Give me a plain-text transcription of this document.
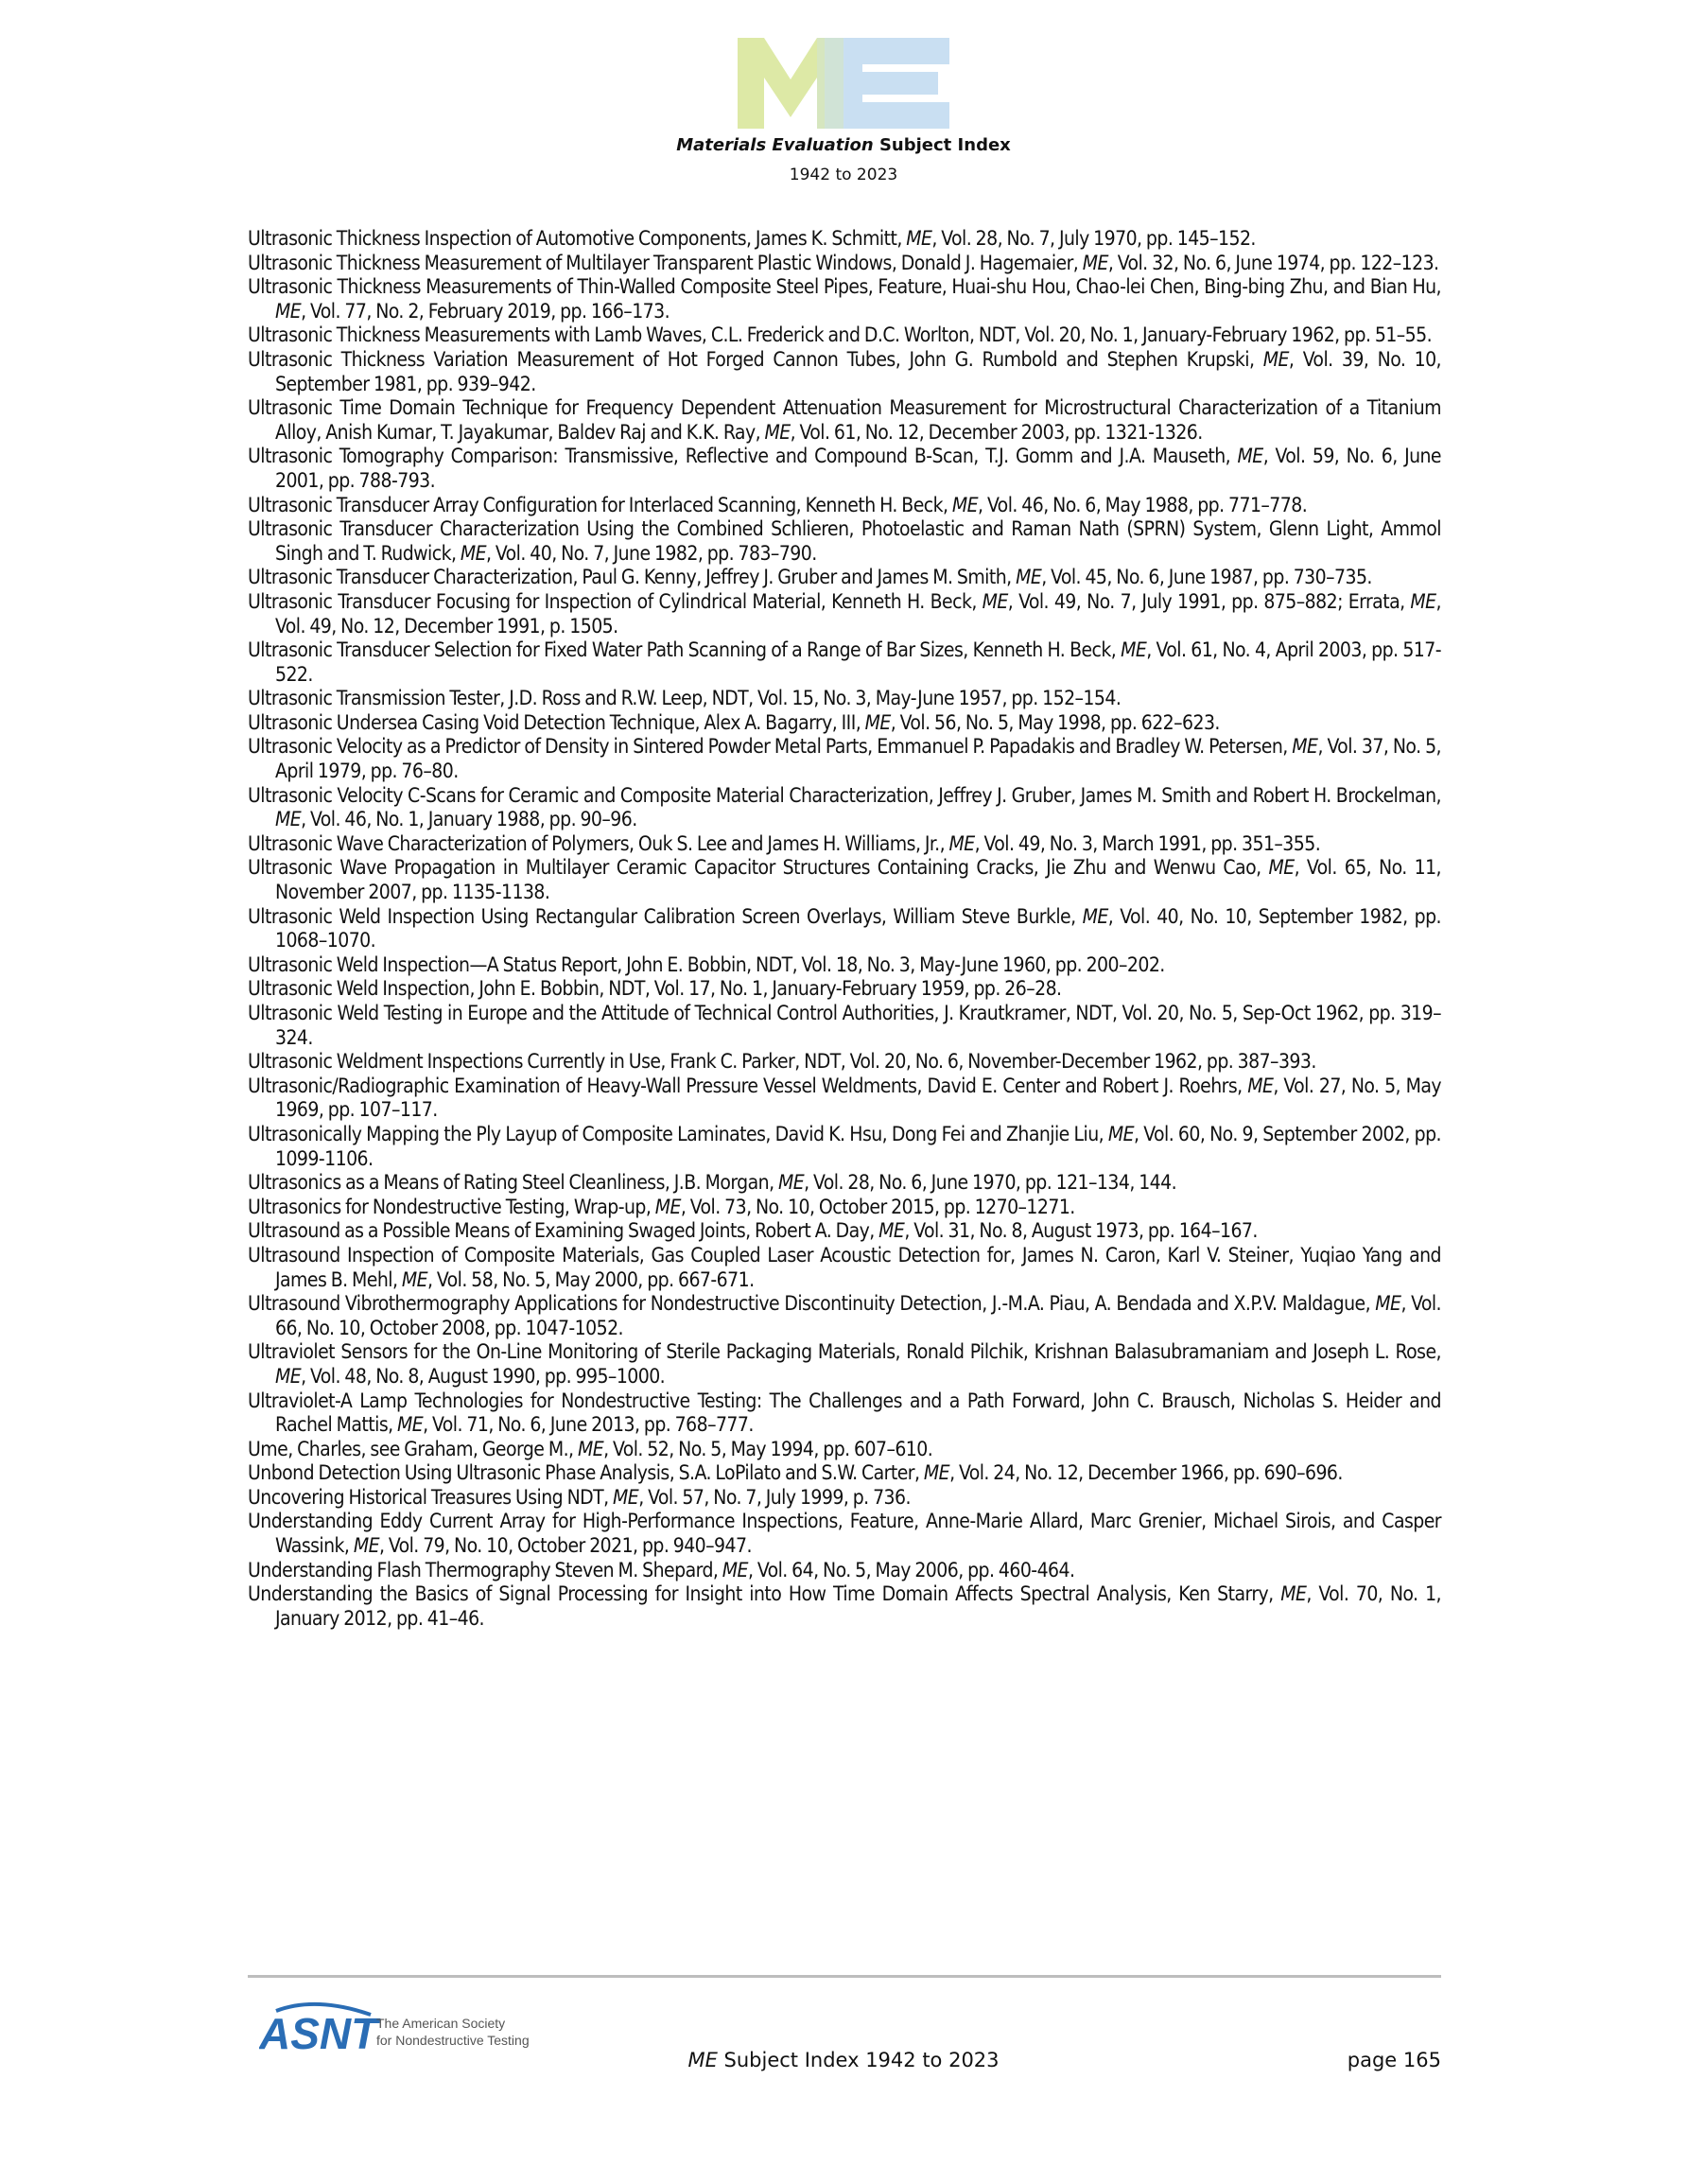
Materials Evaluation Subject Index
1942 to 2023

Ultrasonic Thickness Inspection of Automotive Components, James K. Schmitt, ME, Vol. 28, No. 7, July 1970, pp. 145–152.

Ultrasonic Thickness Measurement of Multilayer Transparent Plastic Windows, Donald J. Hagemaier, ME, Vol. 32, No. 6, June 1974, pp. 122–123.

Ultrasonic Thickness Measurements of Thin-Walled Composite Steel Pipes, Feature, Huai-shu Hou, Chao-lei Chen, Bing-bing Zhu, and Bian Hu, ME, Vol. 77, No. 2, February 2019, pp. 166–173.

Ultrasonic Thickness Measurements with Lamb Waves, C.L. Frederick and D.C. Worlton, NDT, Vol. 20, No. 1, January-February 1962, pp. 51–55.

Ultrasonic Thickness Variation Measurement of Hot Forged Cannon Tubes, John G. Rumbold and Stephen Krupski, ME, Vol. 39, No. 10, September 1981, pp. 939–942.

Ultrasonic Time Domain Technique for Frequency Dependent Attenuation Measurement for Microstructural Characterization of a Titanium Alloy, Anish Kumar, T. Jayakumar, Baldev Raj and K.K. Ray, ME, Vol. 61, No. 12, December 2003, pp. 1321-1326.

Ultrasonic Tomography Comparison: Transmissive, Reflective and Compound B-Scan, T.J. Gomm and J.A. Mauseth, ME, Vol. 59, No. 6, June 2001, pp. 788-793.

Ultrasonic Transducer Array Configuration for Interlaced Scanning, Kenneth H. Beck, ME, Vol. 46, No. 6, May 1988, pp. 771–778.

Ultrasonic Transducer Characterization Using the Combined Schlieren, Photoelastic and Raman Nath (SPRN) System, Glenn Light, Ammol Singh and T. Rudwick, ME, Vol. 40, No. 7, June 1982, pp. 783–790.

Ultrasonic Transducer Characterization, Paul G. Kenny, Jeffrey J. Gruber and James M. Smith, ME, Vol. 45, No. 6, June 1987, pp. 730–735.

Ultrasonic Transducer Focusing for Inspection of Cylindrical Material, Kenneth H. Beck, ME, Vol. 49, No. 7, July 1991, pp. 875–882; Errata, ME, Vol. 49, No. 12, December 1991, p. 1505.

Ultrasonic Transducer Selection for Fixed Water Path Scanning of a Range of Bar Sizes, Kenneth H. Beck, ME, Vol. 61, No. 4, April 2003, pp. 517-522.

Ultrasonic Transmission Tester, J.D. Ross and R.W. Leep, NDT, Vol. 15, No. 3, May-June 1957, pp. 152–154.

Ultrasonic Undersea Casing Void Detection Technique, Alex A. Bagarry, III, ME, Vol. 56, No. 5, May 1998, pp. 622–623.

Ultrasonic Velocity as a Predictor of Density in Sintered Powder Metal Parts, Emmanuel P. Papadakis and Bradley W. Petersen, ME, Vol. 37, No. 5, April 1979, pp. 76–80.

Ultrasonic Velocity C-Scans for Ceramic and Composite Material Characterization, Jeffrey J. Gruber, James M. Smith and Robert H. Brockelman, ME, Vol. 46, No. 1, January 1988, pp. 90–96.

Ultrasonic Wave Characterization of Polymers, Ouk S. Lee and James H. Williams, Jr., ME, Vol. 49, No. 3, March 1991, pp. 351–355.

Ultrasonic Wave Propagation in Multilayer Ceramic Capacitor Structures Containing Cracks, Jie Zhu and Wenwu Cao, ME, Vol. 65, No. 11, November 2007, pp. 1135-1138.

Ultrasonic Weld Inspection Using Rectangular Calibration Screen Overlays, William Steve Burkle, ME, Vol. 40, No. 10, September 1982, pp. 1068–1070.

Ultrasonic Weld Inspection—A Status Report, John E. Bobbin, NDT, Vol. 18, No. 3, May-June 1960, pp. 200–202.

Ultrasonic Weld Inspection, John E. Bobbin, NDT, Vol. 17, No. 1, January-February 1959, pp. 26–28.

Ultrasonic Weld Testing in Europe and the Attitude of Technical Control Authorities, J. Krautkramer, NDT, Vol. 20, No. 5, Sep-Oct 1962, pp. 319–324.

Ultrasonic Weldment Inspections Currently in Use, Frank C. Parker, NDT, Vol. 20, No. 6, November-December 1962, pp. 387–393.

Ultrasonic/Radiographic Examination of Heavy-Wall Pressure Vessel Weldments, David E. Center and Robert J. Roehrs, ME, Vol. 27, No. 5, May 1969, pp. 107–117.

Ultrasonically Mapping the Ply Layup of Composite Laminates, David K. Hsu, Dong Fei and Zhanjie Liu, ME, Vol. 60, No. 9, September 2002, pp. 1099-1106.

Ultrasonics as a Means of Rating Steel Cleanliness, J.B. Morgan, ME, Vol. 28, No. 6, June 1970, pp. 121–134, 144.

Ultrasonics for Nondestructive Testing, Wrap-up, ME, Vol. 73, No. 10, October 2015, pp. 1270–1271.

Ultrasound as a Possible Means of Examining Swaged Joints, Robert A. Day, ME, Vol. 31, No. 8, August 1973, pp. 164–167.

Ultrasound Inspection of Composite Materials, Gas Coupled Laser Acoustic Detection for, James N. Caron, Karl V. Steiner, Yuqiao Yang and James B. Mehl, ME, Vol. 58, No. 5, May 2000, pp. 667-671.

Ultrasound Vibrothermography Applications for Nondestructive Discontinuity Detection, J.-M.A. Piau, A. Bendada and X.P.V. Maldague, ME, Vol. 66, No. 10, October 2008, pp. 1047-1052.

Ultraviolet Sensors for the On-Line Monitoring of Sterile Packaging Materials, Ronald Pilchik, Krishnan Balasubramaniam and Joseph L. Rose, ME, Vol. 48, No. 8, August 1990, pp. 995–1000.

Ultraviolet-A Lamp Technologies for Nondestructive Testing: The Challenges and a Path Forward, John C. Brausch, Nicholas S. Heider and Rachel Mattis, ME, Vol. 71, No. 6, June 2013, pp. 768–777.

Ume, Charles, see Graham, George M., ME, Vol. 52, No. 5, May 1994, pp. 607–610.

Unbond Detection Using Ultrasonic Phase Analysis, S.A. LoPilato and S.W. Carter, ME, Vol. 24, No. 12, December 1966, pp. 690–696.

Uncovering Historical Treasures Using NDT, ME, Vol. 57, No. 7, July 1999, p. 736.

Understanding Eddy Current Array for High-Performance Inspections, Feature, Anne-Marie Allard, Marc Grenier, Michael Sirois, and Casper Wassink, ME, Vol. 79, No. 10, October 2021, pp. 940–947.

Understanding Flash Thermography Steven M. Shepard, ME, Vol. 64, No. 5, May 2006, pp. 460-464.

Understanding the Basics of Signal Processing for Insight into How Time Domain Affects Spectral Analysis, Ken Starry, ME, Vol. 70, No. 1, January 2012, pp. 41–46.

ASNT
The American Society
for Nondestructive Testing
ME Subject Index 1942 to 2023	page 165
